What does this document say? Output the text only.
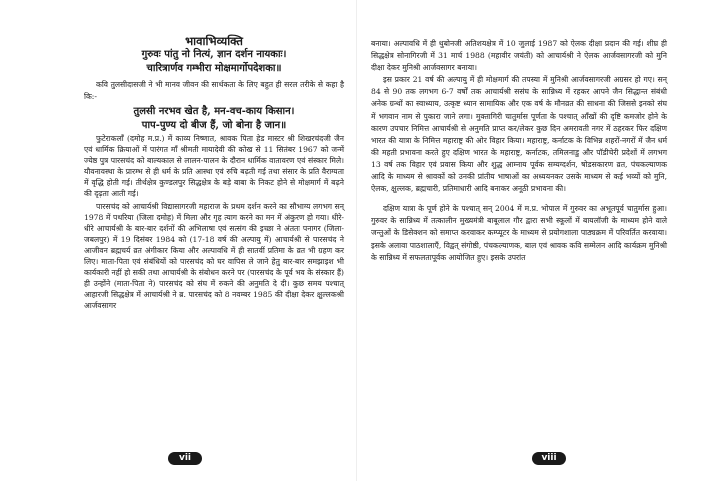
भावाभिव्यक्ति
गुरुवः पांतु नो नित्यं, ज्ञान दर्शन नायकाः।
चारित्रार्णव गम्भीरा मोक्षमार्गोपदेशका॥

कवि तुलसीदासजी ने भी मानव जीवन की सार्थकता के लिए बहुत ही सरल तरीके से कहा है कि:-

तुलसी नरभव खेत है, मन-वच-काय किसान।
पाप-पुण्य दो बीज हैं, जो बोना है जान॥

फुटेराकलाँ (दमोह म.प्र.) में काव्य निष्णात, श्रावक पिता हेड मास्टर श्री शिखरचंदजी जैन एवं धार्मिक क्रियाओं में पारंगत माँ श्रीमती मायादेवी की कोख से 11 सितंबर 1967 को जन्में ज्येष्ठ पुत्र पारसचंद को बाल्यकाल से लालन-पालन के दौरान धार्मिक वातावरण एवं संस्कार मिले। यौवनावस्था के प्रारम्भ से ही धर्म के प्रति आस्था एवं रुचि बढ़ती गई तथा संसार के प्रति वैराग्यता में वृद्धि होती गई। तीर्थक्षेत्र कुण्डलपुर सिद्धक्षेत्र के बड़े बाबा के निकट होने से मोक्षमार्ग में बढ़ने की दृढ़ता आती गई।

पारसचंद को आचार्यश्री विद्यासागरजी महाराज के प्रथम दर्शन करने का सौभाग्य लगभग सन् 1978 में पथरिया (जिला दमोह) में मिला और गृह त्याग करने का मन में अंकुरण हो गया। धीरे-धीरे आचार्यश्री के बार-बार दर्शनों की अभिलाषा एवं सत्संग की इच्छा ने अंततः पनागर (जिला-जबलपुर) में 19 दिसंबर 1984 को (17-18 वर्ष की अल्पायु में) आचार्यश्री से पारसचंद ने आजीवन ब्रह्मचर्य व्रत अंगीकार किया और अल्पावधि में ही सातवीं प्रतिमा के व्रत भी ग्रहण कर लिए। माता-पिता एवं संबंधियों को पारसचंद को घर वापिस ले जाने हेतु बार-बार समझाइश भी कार्यकारी नहीं हो सकी तथा आचार्यश्री के संबोधन करने पर (पारसचंद के पूर्व भव के संस्कार हैं) ही उन्होंने (माता-पिता ने) पारसचंद को संघ में रुकने की अनुमति दे दी। कुछ समय पश्चात् आहारजी सिद्धक्षेत्र में आचार्यश्री ने ब्र. पारसचंद को 8 नवम्बर 1985 की दीक्षा देकर क्षुल्लकश्री आर्जवसागर

बनाया। अल्पावधि में ही थुबोनजी अतिशयक्षेत्र में 10 जुलाई 1987 को ऐलक दीक्षा प्रदान की गई। शीघ्र ही सिद्धक्षेत्र सोनागिरजी में 31 मार्च 1988 (महावीर जयंती) को आचार्यश्री ने ऐलक आर्जवसागरजी को मुनि दीक्षा देकर मुनिश्री आर्जवसागर बनाया।

इस प्रकार 21 वर्ष की अल्पायु में ही मोक्षमार्ग की तपस्या में मुनिश्री आर्जवसागरजी अग्रसर हो गए। सन् 84 से 90 तक लगभग 6-7 वर्षों तक आचार्यश्री ससंघ के सान्निध्य में रहकर आपने जैन सिद्धान्त संबंधी अनेक ग्रन्थों का स्वाध्याय, उत्कृष्ट ध्यान सामायिक और एक वर्ष के मौनव्रत की साधना की जिससे इनको संघ में भगवान नाम से पुकारा जाने लगा। मुक्तागिरी चातुर्मास पूर्णता के पश्चात् आँखों की दृष्टि कमजोर होने के कारण उपचार निमित्त आचार्यश्री से अनुमति प्राप्त कर/लेकर कुछ दिन अमरावती नगर में ठहरकर फिर दक्षिण भारत की यात्रा के निमित्त महाराष्ट्र की ओर विहार किया। महाराष्ट्र, कर्नाटक के विभिन्न शहरों-नगरों में जैन धर्म की महती प्रभावना करते हुए दक्षिण भारत के महाराष्ट्र, कर्नाटक, तमिलनाडु और पॉडीचेरी प्रदेशों में लगभग 13 वर्ष तक विहार एवं प्रवास किया और शुद्ध आम्नाय पूर्वक सम्यग्दर्शन, षोडसकारण व्रत, पंचकल्याणक आदि के माध्यम से श्रावकों को उनकी प्रांतीय भाषाओं का अध्ययनकर उसके माध्यम से कई भव्यों को मुनि, ऐलक, क्षुल्लक, ब्रह्मचारी, प्रतिमाधारी आदि बनाकर अनूठी प्रभावना की।

दक्षिण यात्रा के पूर्ण होने के पश्चात् सन् 2004 में म.प्र. भोपाल में गुरुवर का अभूतपूर्व चातुर्मास हुआ। गुरुवर के सान्निध्य में तत्कालीन मुख्यमंत्री बाबूलाल गौर द्वारा सभी स्कूलों में बायलॉजी के माध्यम होने वाले जन्तुओं के डिसेक्शन को समाप्त करवाकर कम्प्यूटर के माध्यम से प्रयोगशाला पाठ्यक्रम में परिवर्तित करवाया। इसके अलावा पाठशालाएँ, विद्वत् संगोष्ठी, पंचकल्याणक, बाल एवं श्रावक कवि सम्मेलन आदि कार्यक्रम मुनिश्री के सान्निध्य में सफलतापूर्वक आयोजित हुए। इसके उपरांत

vii	viii
